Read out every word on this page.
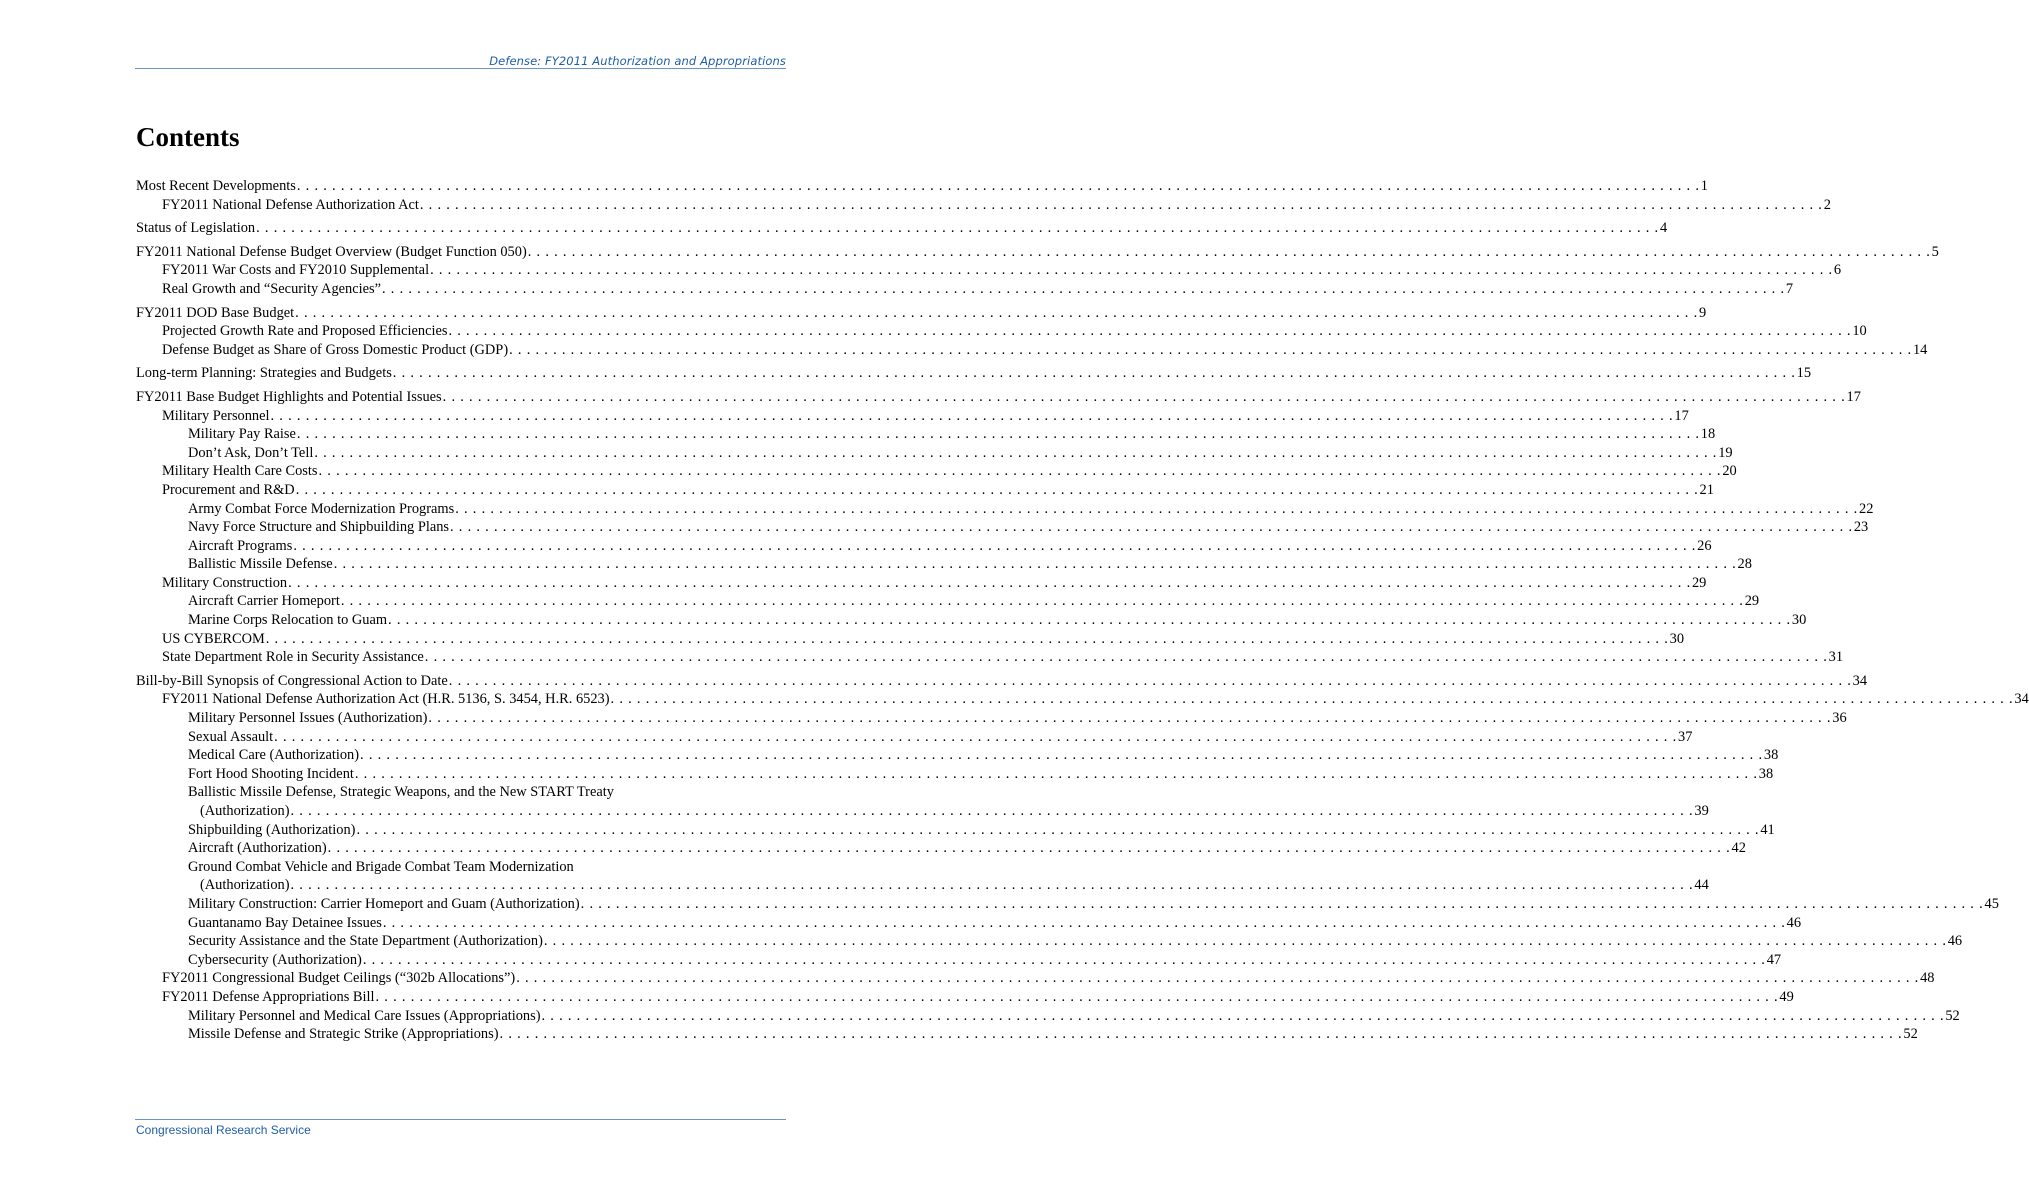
Defense: FY2011 Authorization and Appropriations
Contents
Most Recent Developments . . . . . . . . . . . . . . . . . . . . . . . . . . . . . . . . . . . . . . . . . . . . . . . . . . . . . . . . . . . . . . . . . . . . . . . . . . . . . . . . . . . . . . . . . . . . . . . . . . . . . . . . . . . . . . . . . . . . . . . . . . . . . . . . . . . . . . . . . . . . . . . . . . . . . . . . . . . . . . . . 1
FY2011 National Defense Authorization Act . . . . . . . . . . . . . . . . . . . . . . . . . . . . . . . . . . . . . . . . . . . . . . . . . . . . . . . . . . . . . . . . . . . . . . . . . . . . . . . . . . . . . . . . . . . . . . . . . . . . . . . . . . . . . . . . . . . . . . . . . . . . . . . . . . . . . . . . . . . . . . . . . . . . . . . . . . . . . . . . 2
Status of Legislation . . . . . . . . . . . . . . . . . . . . . . . . . . . . . . . . . . . . . . . . . . . . . . . . . . . . . . . . . . . . . . . . . . . . . . . . . . . . . . . . . . . . . . . . . . . . . . . . . . . . . . . . . . . . . . . . . . . . . . . . . . . . . . . . . . . . . . . . . . . . . . . . . . . . . . . . . . . . . . . . 4
FY2011 National Defense Budget Overview (Budget Function 050) . . . . . . . . . . . . . . . . . . . . . . . . . . . . . . . . . . . . . . . . . . . . . . . . . . . . . . . . . . . . . . . . . . . . . . . . . . . . . . . . . . . . . . . . . . . . . . . . . . . . . . . . . . . . . . . . . . . . . . . . . . . . . . . . . . . . . . . . . . . . . . . . . . . . . . . . . . . . . . . . 5
FY2011 War Costs and FY2010 Supplemental . . . . . . . . . . . . . . . . . . . . . . . . . . . . . . . . . . . . . . . . . . . . . . . . . . . . . . . . . . . . . . . . . . . . . . . . . . . . . . . . . . . . . . . . . . . . . . . . . . . . . . . . . . . . . . . . . . . . . . . . . . . . . . . . . . . . . . . . . . . . . . . . . . . . . . . . . . . . . . . . 6
Real Growth and “Security Agencies” . . . . . . . . . . . . . . . . . . . . . . . . . . . . . . . . . . . . . . . . . . . . . . . . . . . . . . . . . . . . . . . . . . . . . . . . . . . . . . . . . . . . . . . . . . . . . . . . . . . . . . . . . . . . . . . . . . . . . . . . . . . . . . . . . . . . . . . . . . . . . . . . . . . . . . . . . . . . . . . . 7
FY2011 DOD Base Budget . . . . . . . . . . . . . . . . . . . . . . . . . . . . . . . . . . . . . . . . . . . . . . . . . . . . . . . . . . . . . . . . . . . . . . . . . . . . . . . . . . . . . . . . . . . . . . . . . . . . . . . . . . . . . . . . . . . . . . . . . . . . . . . . . . . . . . . . . . . . . . . . . . . . . . . . . . . . . . . . 9
Projected Growth Rate and Proposed Efficiencies . . . . . . . . . . . . . . . . . . . . . . . . . . . . . . . . . . . . . . . . . . . . . . . . . . . . . . . . . . . . . . . . . . . . . . . . . . . . . . . . . . . . . . . . . . . . . . . . . . . . . . . . . . . . . . . . . . . . . . . . . . . . . . . . . . . . . . . . . . . . . . . . . . . . . . . . . . . . . . . . 10
Defense Budget as Share of Gross Domestic Product (GDP) . . . . . . . . . . . . . . . . . . . . . . . . . . . . . . . . . . . . . . . . . . . . . . . . . . . . . . . . . . . . . . . . . . . . . . . . . . . . . . . . . . . . . . . . . . . . . . . . . . . . . . . . . . . . . . . . . . . . . . . . . . . . . . . . . . . . . . . . . . . . . . . . . . . . . . . . . . . . . . . . 14
Long-term Planning: Strategies and Budgets . . . . . . . . . . . . . . . . . . . . . . . . . . . . . . . . . . . . . . . . . . . . . . . . . . . . . . . . . . . . . . . . . . . . . . . . . . . . . . . . . . . . . . . . . . . . . . . . . . . . . . . . . . . . . . . . . . . . . . . . . . . . . . . . . . . . . . . . . . . . . . . . . . . . . . . . . . . . . . . . 15
FY2011 Base Budget Highlights and Potential Issues . . . . . . . . . . . . . . . . . . . . . . . . . . . . . . . . . . . . . . . . . . . . . . . . . . . . . . . . . . . . . . . . . . . . . . . . . . . . . . . . . . . . . . . . . . . . . . . . . . . . . . . . . . . . . . . . . . . . . . . . . . . . . . . . . . . . . . . . . . . . . . . . . . . . . . . . . . . . . . . . 17
Military Personnel . . . . . . . . . . . . . . . . . . . . . . . . . . . . . . . . . . . . . . . . . . . . . . . . . . . . . . . . . . . . . . . . . . . . . . . . . . . . . . . . . . . . . . . . . . . . . . . . . . . . . . . . . . . . . . . . . . . . . . . . . . . . . . . . . . . . . . . . . . . . . . . . . . . . . . . . . . . . . . . . 17
Military Pay Raise . . . . . . . . . . . . . . . . . . . . . . . . . . . . . . . . . . . . . . . . . . . . . . . . . . . . . . . . . . . . . . . . . . . . . . . . . . . . . . . . . . . . . . . . . . . . . . . . . . . . . . . . . . . . . . . . . . . . . . . . . . . . . . . . . . . . . . . . . . . . . . . . . . . . . . . . . . . . . . . . 18
Don’t Ask, Don’t Tell . . . . . . . . . . . . . . . . . . . . . . . . . . . . . . . . . . . . . . . . . . . . . . . . . . . . . . . . . . . . . . . . . . . . . . . . . . . . . . . . . . . . . . . . . . . . . . . . . . . . . . . . . . . . . . . . . . . . . . . . . . . . . . . . . . . . . . . . . . . . . . . . . . . . . . . . . . . . . . . . 19
Military Health Care Costs . . . . . . . . . . . . . . . . . . . . . . . . . . . . . . . . . . . . . . . . . . . . . . . . . . . . . . . . . . . . . . . . . . . . . . . . . . . . . . . . . . . . . . . . . . . . . . . . . . . . . . . . . . . . . . . . . . . . . . . . . . . . . . . . . . . . . . . . . . . . . . . . . . . . . . . . . . . . . . . . 20
Procurement and R&D . . . . . . . . . . . . . . . . . . . . . . . . . . . . . . . . . . . . . . . . . . . . . . . . . . . . . . . . . . . . . . . . . . . . . . . . . . . . . . . . . . . . . . . . . . . . . . . . . . . . . . . . . . . . . . . . . . . . . . . . . . . . . . . . . . . . . . . . . . . . . . . . . . . . . . . . . . . . . . . . 21
Army Combat Force Modernization Programs . . . . . . . . . . . . . . . . . . . . . . . . . . . . . . . . . . . . . . . . . . . . . . . . . . . . . . . . . . . . . . . . . . . . . . . . . . . . . . . . . . . . . . . . . . . . . . . . . . . . . . . . . . . . . . . . . . . . . . . . . . . . . . . . . . . . . . . . . . . . . . . . . . . . . . . . . . . . . . . . 22
Navy Force Structure and Shipbuilding Plans . . . . . . . . . . . . . . . . . . . . . . . . . . . . . . . . . . . . . . . . . . . . . . . . . . . . . . . . . . . . . . . . . . . . . . . . . . . . . . . . . . . . . . . . . . . . . . . . . . . . . . . . . . . . . . . . . . . . . . . . . . . . . . . . . . . . . . . . . . . . . . . . . . . . . . . . . . . . . . . . 23
Aircraft Programs . . . . . . . . . . . . . . . . . . . . . . . . . . . . . . . . . . . . . . . . . . . . . . . . . . . . . . . . . . . . . . . . . . . . . . . . . . . . . . . . . . . . . . . . . . . . . . . . . . . . . . . . . . . . . . . . . . . . . . . . . . . . . . . . . . . . . . . . . . . . . . . . . . . . . . . . . . . . . . . . 26
Ballistic Missile Defense . . . . . . . . . . . . . . . . . . . . . . . . . . . . . . . . . . . . . . . . . . . . . . . . . . . . . . . . . . . . . . . . . . . . . . . . . . . . . . . . . . . . . . . . . . . . . . . . . . . . . . . . . . . . . . . . . . . . . . . . . . . . . . . . . . . . . . . . . . . . . . . . . . . . . . . . . . . . . . . . 28
Military Construction . . . . . . . . . . . . . . . . . . . . . . . . . . . . . . . . . . . . . . . . . . . . . . . . . . . . . . . . . . . . . . . . . . . . . . . . . . . . . . . . . . . . . . . . . . . . . . . . . . . . . . . . . . . . . . . . . . . . . . . . . . . . . . . . . . . . . . . . . . . . . . . . . . . . . . . . . . . . . . . . 29
Aircraft Carrier Homeport . . . . . . . . . . . . . . . . . . . . . . . . . . . . . . . . . . . . . . . . . . . . . . . . . . . . . . . . . . . . . . . . . . . . . . . . . . . . . . . . . . . . . . . . . . . . . . . . . . . . . . . . . . . . . . . . . . . . . . . . . . . . . . . . . . . . . . . . . . . . . . . . . . . . . . . . . . . . . . . . 29
Marine Corps Relocation to Guam . . . . . . . . . . . . . . . . . . . . . . . . . . . . . . . . . . . . . . . . . . . . . . . . . . . . . . . . . . . . . . . . . . . . . . . . . . . . . . . . . . . . . . . . . . . . . . . . . . . . . . . . . . . . . . . . . . . . . . . . . . . . . . . . . . . . . . . . . . . . . . . . . . . . . . . . . . . . . . . . 30
US CYBERCOM . . . . . . . . . . . . . . . . . . . . . . . . . . . . . . . . . . . . . . . . . . . . . . . . . . . . . . . . . . . . . . . . . . . . . . . . . . . . . . . . . . . . . . . . . . . . . . . . . . . . . . . . . . . . . . . . . . . . . . . . . . . . . . . . . . . . . . . . . . . . . . . . . . . . . . . . . . . . . . . . 30
State Department Role in Security Assistance . . . . . . . . . . . . . . . . . . . . . . . . . . . . . . . . . . . . . . . . . . . . . . . . . . . . . . . . . . . . . . . . . . . . . . . . . . . . . . . . . . . . . . . . . . . . . . . . . . . . . . . . . . . . . . . . . . . . . . . . . . . . . . . . . . . . . . . . . . . . . . . . . . . . . . . . . . . . . . . . 31
Bill-by-Bill Synopsis of Congressional Action to Date . . . . . . . . . . . . . . . . . . . . . . . . . . . . . . . . . . . . . . . . . . . . . . . . . . . . . . . . . . . . . . . . . . . . . . . . . . . . . . . . . . . . . . . . . . . . . . . . . . . . . . . . . . . . . . . . . . . . . . . . . . . . . . . . . . . . . . . . . . . . . . . . . . . . . . . . . . . . . . . . 34
FY2011 National Defense Authorization Act (H.R. 5136, S. 3454, H.R. 6523) . . . . . . . . . . . . . . . . . . . . . . . . . . . . . . . . . . . . . . . . . . . . . . . . . . . . . . . . . . . . . . . . . . . . . . . . . . . . . . . . . . . . . . . . . . . . . . . . . . . . . . . . . . . . . . . . . . . . . . . . . . . . . . . . . . . . . . . . . . . . . . . . . . . . . . . . . . . . . . . . 34
Military Personnel Issues (Authorization) . . . . . . . . . . . . . . . . . . . . . . . . . . . . . . . . . . . . . . . . . . . . . . . . . . . . . . . . . . . . . . . . . . . . . . . . . . . . . . . . . . . . . . . . . . . . . . . . . . . . . . . . . . . . . . . . . . . . . . . . . . . . . . . . . . . . . . . . . . . . . . . . . . . . . . . . . . . . . . . . 36
Sexual Assault . . . . . . . . . . . . . . . . . . . . . . . . . . . . . . . . . . . . . . . . . . . . . . . . . . . . . . . . . . . . . . . . . . . . . . . . . . . . . . . . . . . . . . . . . . . . . . . . . . . . . . . . . . . . . . . . . . . . . . . . . . . . . . . . . . . . . . . . . . . . . . . . . . . . . . . . . . . . . . . . 37
Medical Care (Authorization) . . . . . . . . . . . . . . . . . . . . . . . . . . . . . . . . . . . . . . . . . . . . . . . . . . . . . . . . . . . . . . . . . . . . . . . . . . . . . . . . . . . . . . . . . . . . . . . . . . . . . . . . . . . . . . . . . . . . . . . . . . . . . . . . . . . . . . . . . . . . . . . . . . . . . . . . . . . . . . . . 38
Fort Hood Shooting Incident . . . . . . . . . . . . . . . . . . . . . . . . . . . . . . . . . . . . . . . . . . . . . . . . . . . . . . . . . . . . . . . . . . . . . . . . . . . . . . . . . . . . . . . . . . . . . . . . . . . . . . . . . . . . . . . . . . . . . . . . . . . . . . . . . . . . . . . . . . . . . . . . . . . . . . . . . . . . . . . . 38
Ballistic Missile Defense, Strategic Weapons, and the New START Treaty
(Authorization) . . . . . . . . . . . . . . . . . . . . . . . . . . . . . . . . . . . . . . . . . . . . . . . . . . . . . . . . . . . . . . . . . . . . . . . . . . . . . . . . . . . . . . . . . . . . . . . . . . . . . . . . . . . . . . . . . . . . . . . . . . . . . . . . . . . . . . . . . . . . . . . . . . . . . . . . . . . . . . . . 39
Shipbuilding (Authorization) . . . . . . . . . . . . . . . . . . . . . . . . . . . . . . . . . . . . . . . . . . . . . . . . . . . . . . . . . . . . . . . . . . . . . . . . . . . . . . . . . . . . . . . . . . . . . . . . . . . . . . . . . . . . . . . . . . . . . . . . . . . . . . . . . . . . . . . . . . . . . . . . . . . . . . . . . . . . . . . . 41
Aircraft (Authorization) . . . . . . . . . . . . . . . . . . . . . . . . . . . . . . . . . . . . . . . . . . . . . . . . . . . . . . . . . . . . . . . . . . . . . . . . . . . . . . . . . . . . . . . . . . . . . . . . . . . . . . . . . . . . . . . . . . . . . . . . . . . . . . . . . . . . . . . . . . . . . . . . . . . . . . . . . . . . . . . . 42
Ground Combat Vehicle and Brigade Combat Team Modernization
(Authorization) . . . . . . . . . . . . . . . . . . . . . . . . . . . . . . . . . . . . . . . . . . . . . . . . . . . . . . . . . . . . . . . . . . . . . . . . . . . . . . . . . . . . . . . . . . . . . . . . . . . . . . . . . . . . . . . . . . . . . . . . . . . . . . . . . . . . . . . . . . . . . . . . . . . . . . . . . . . . . . . . 44
Military Construction: Carrier Homeport and Guam (Authorization) . . . . . . . . . . . . . . . . . . . . . . . . . . . . . . . . . . . . . . . . . . . . . . . . . . . . . . . . . . . . . . . . . . . . . . . . . . . . . . . . . . . . . . . . . . . . . . . . . . . . . . . . . . . . . . . . . . . . . . . . . . . . . . . . . . . . . . . . . . . . . . . . . . . . . . . . . . . . . . . . 45
Guantanamo Bay Detainee Issues . . . . . . . . . . . . . . . . . . . . . . . . . . . . . . . . . . . . . . . . . . . . . . . . . . . . . . . . . . . . . . . . . . . . . . . . . . . . . . . . . . . . . . . . . . . . . . . . . . . . . . . . . . . . . . . . . . . . . . . . . . . . . . . . . . . . . . . . . . . . . . . . . . . . . . . . . . . . . . . . 46
Security Assistance and the State Department (Authorization) . . . . . . . . . . . . . . . . . . . . . . . . . . . . . . . . . . . . . . . . . . . . . . . . . . . . . . . . . . . . . . . . . . . . . . . . . . . . . . . . . . . . . . . . . . . . . . . . . . . . . . . . . . . . . . . . . . . . . . . . . . . . . . . . . . . . . . . . . . . . . . . . . . . . . . . . . . . . . . . . 46
Cybersecurity (Authorization) . . . . . . . . . . . . . . . . . . . . . . . . . . . . . . . . . . . . . . . . . . . . . . . . . . . . . . . . . . . . . . . . . . . . . . . . . . . . . . . . . . . . . . . . . . . . . . . . . . . . . . . . . . . . . . . . . . . . . . . . . . . . . . . . . . . . . . . . . . . . . . . . . . . . . . . . . . . . . . . . 47
FY2011 Congressional Budget Ceilings (“302b Allocations”) . . . . . . . . . . . . . . . . . . . . . . . . . . . . . . . . . . . . . . . . . . . . . . . . . . . . . . . . . . . . . . . . . . . . . . . . . . . . . . . . . . . . . . . . . . . . . . . . . . . . . . . . . . . . . . . . . . . . . . . . . . . . . . . . . . . . . . . . . . . . . . . . . . . . . . . . . . . . . . . . 48
FY2011 Defense Appropriations Bill . . . . . . . . . . . . . . . . . . . . . . . . . . . . . . . . . . . . . . . . . . . . . . . . . . . . . . . . . . . . . . . . . . . . . . . . . . . . . . . . . . . . . . . . . . . . . . . . . . . . . . . . . . . . . . . . . . . . . . . . . . . . . . . . . . . . . . . . . . . . . . . . . . . . . . . . . . . . . . . . 49
Military Personnel and Medical Care Issues (Appropriations) . . . . . . . . . . . . . . . . . . . . . . . . . . . . . . . . . . . . . . . . . . . . . . . . . . . . . . . . . . . . . . . . . . . . . . . . . . . . . . . . . . . . . . . . . . . . . . . . . . . . . . . . . . . . . . . . . . . . . . . . . . . . . . . . . . . . . . . . . . . . . . . . . . . . . . . . . . . . . . . . 52
Missile Defense and Strategic Strike (Appropriations) . . . . . . . . . . . . . . . . . . . . . . . . . . . . . . . . . . . . . . . . . . . . . . . . . . . . . . . . . . . . . . . . . . . . . . . . . . . . . . . . . . . . . . . . . . . . . . . . . . . . . . . . . . . . . . . . . . . . . . . . . . . . . . . . . . . . . . . . . . . . . . . . . . . . . . . . . . . . . . . . 52
Congressional Research Service
